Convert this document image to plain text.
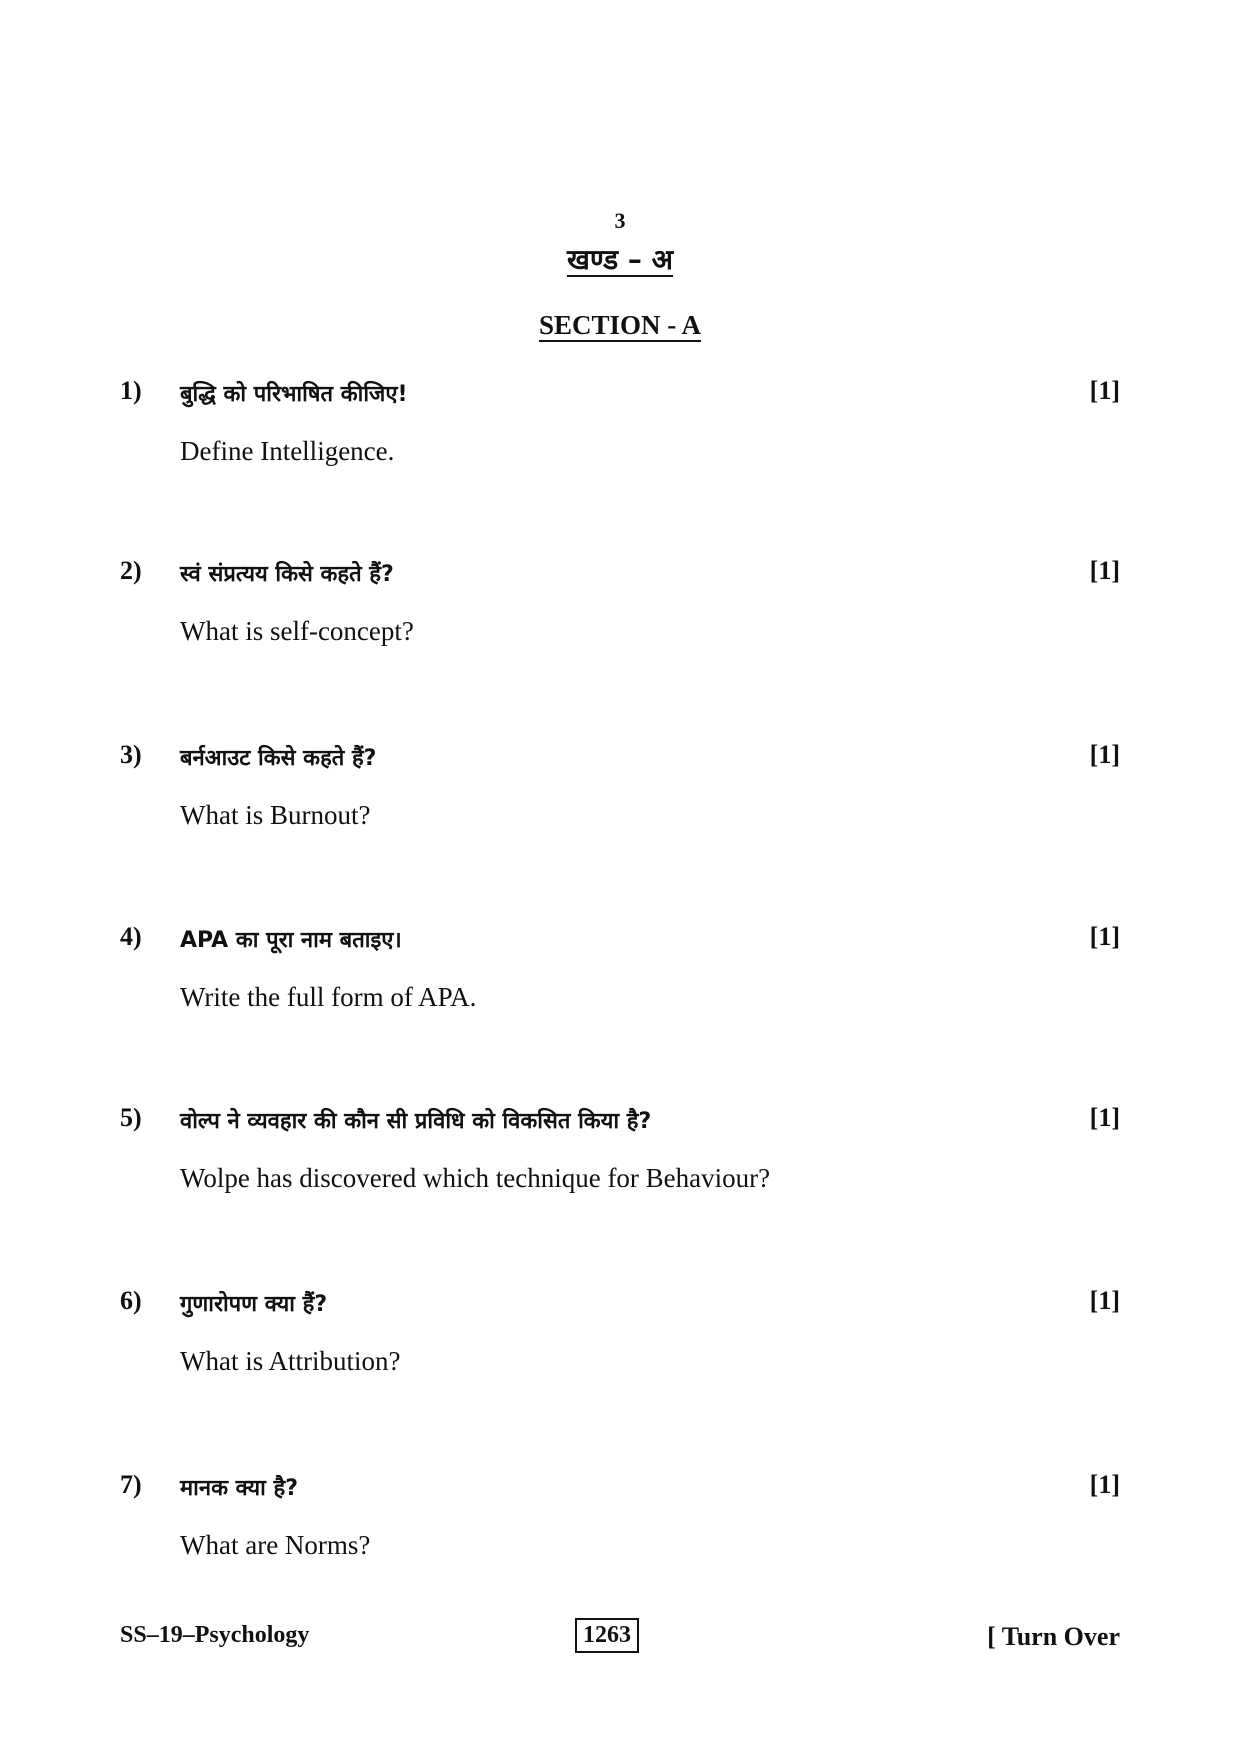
3
खण्ड – अ
SECTION - A
1) बुद्धि को परिभाषित कीजिए!	[1]
Define Intelligence.
2) स्वं संप्रत्यय किसे कहते हैं?	[1]
What is self-concept?
3) बर्नआउट किसे कहते हैं?	[1]
What is Burnout?
4) APA का पूरा नाम बताइए।	[1]
Write the full form of APA.
5) वोल्प ने व्यवहार की कौन सी प्रविधि को विकसित किया है?	[1]
Wolpe has discovered which technique for Behaviour?
6) गुणारोपण क्या हैं?	[1]
What is Attribution?
7) मानक क्या है?	[1]
What are Norms?
SS–19–Psychology	1263	[ Turn Over
